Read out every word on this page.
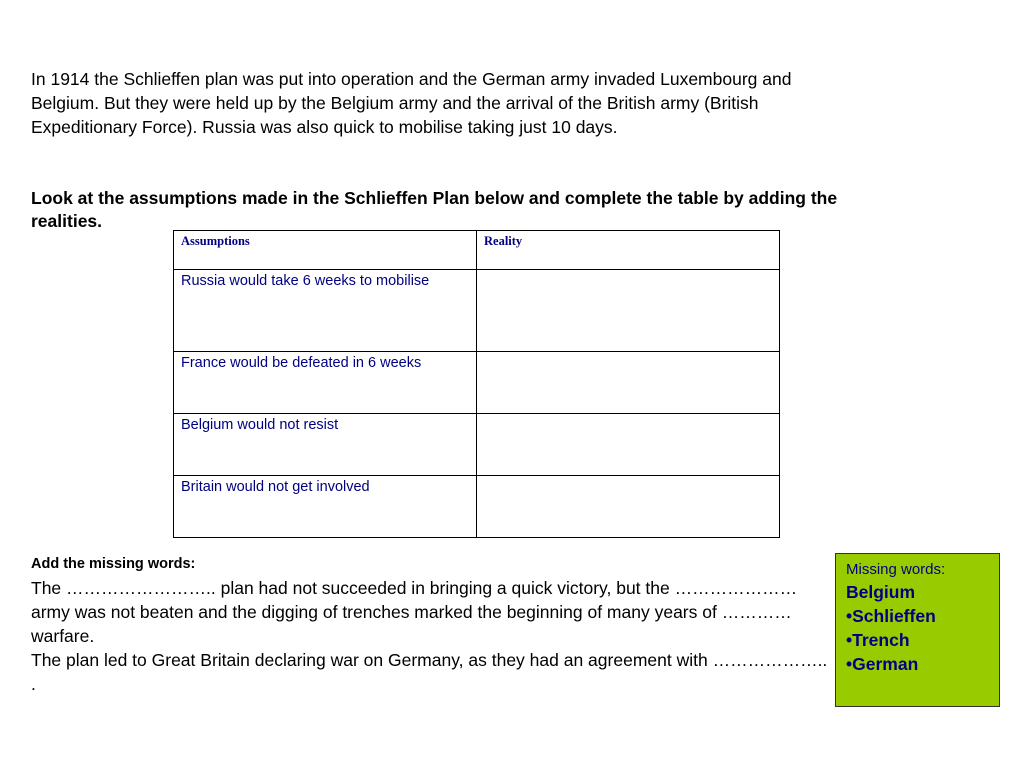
In 1914 the Schlieffen plan was put into operation and the German army invaded Luxembourg and Belgium. But they were held up by the Belgium army and the arrival of the British army (British Expeditionary Force). Russia was also quick to mobilise taking just 10 days.

Look at the assumptions made in the Schlieffen Plan below and complete the table by adding the realities.

Assumptions	Reality

Russia would take 6 weeks to mobilise	

France would be defeated in 6 weeks	

Belgium would not resist	

Britain would not get involved	

Add the missing words:

The …………………….. plan had not succeeded in bringing a quick victory, but the ………………… army was not beaten and the digging of trenches marked the beginning of many years of ………… warfare.
The plan led to Great Britain declaring war on Germany, as they had an agreement with ……………….. .
Missing words:
Belgium
•Schlieffen
•Trench
•German
